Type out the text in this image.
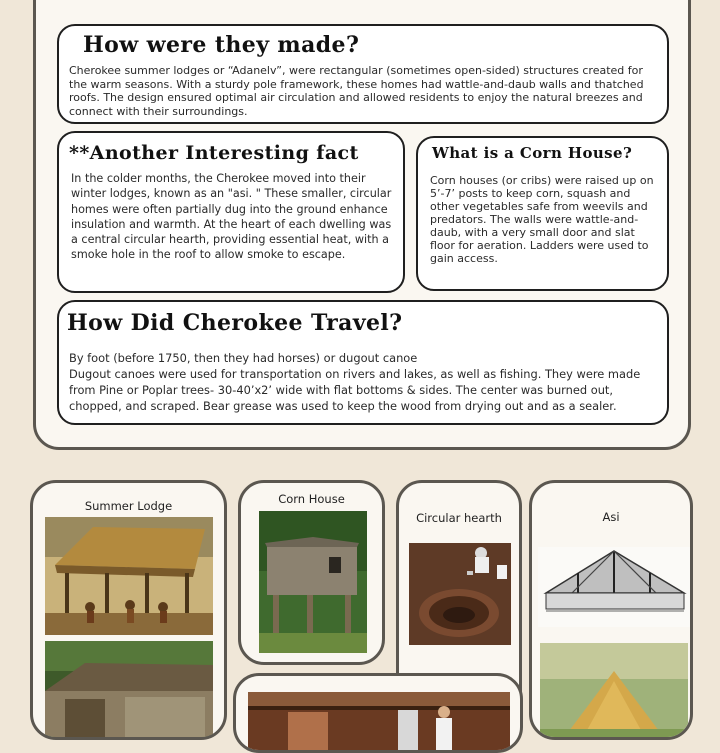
How were they made?

Cherokee summer lodges or “Adanelv”, were rectangular (sometimes open-sided) structures created for the warm seasons. With a sturdy pole framework, these homes had wattle-and-daub walls and thatched roofs. The design ensured optimal air circulation and allowed residents to enjoy the natural breezes and connect with their surroundings.

**Another Interesting fact

In the colder months, the Cherokee moved into their winter lodges, known as an "asi. " These smaller, circular homes were often partially dug into the ground enhance insulation and warmth. At the heart of each dwelling was a central circular hearth, providing essential heat, with a smoke hole in the roof to allow smoke to escape.

What is a Corn House?

Corn houses (or cribs) were raised up on 5’-7’ posts to keep corn, squash and other vegetables safe from weevils and predators. The walls were wattle-and-daub, with a very small door and slat floor for aeration. Ladders were used to gain access.

How Did Cherokee Travel?

By foot (before 1750, then they had horses) or dugout canoe
Dugout canoes were used for transportation on rivers and lakes, as well as fishing. They were made from Pine or Poplar trees- 30-40’x2’ wide with flat bottoms & sides. The center was burned out, chopped, and scraped. Bear grease was used to keep the wood from drying out and as a sealer.

Summer Lodge	Corn House
Circular hearth	Asi
